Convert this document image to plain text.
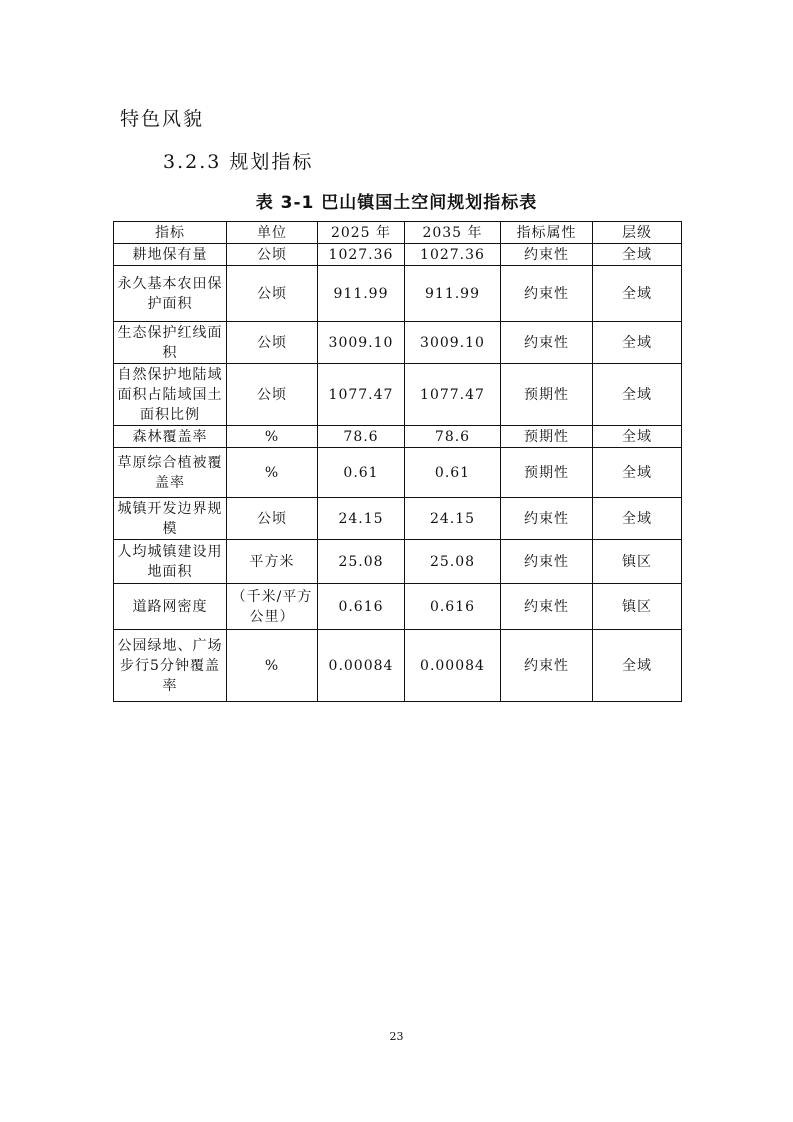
特色风貌
3.2.3 规划指标
表 3-1 巴山镇国土空间规划指标表
指标	单位	2025 年	2035 年	指标属性	层级
耕地保有量	公顷	1027.36	1027.36	约束性	全域
永久基本农田保护面积	公顷	911.99	911.99	约束性	全域
生态保护红线面积	公顷	3009.10	3009.10	约束性	全域
自然保护地陆域面积占陆域国土面积比例	公顷	1077.47	1077.47	预期性	全域
森林覆盖率	%	78.6	78.6	预期性	全域
草原综合植被覆盖率	%	0.61	0.61	预期性	全域
城镇开发边界规模	公顷	24.15	24.15	约束性	全域
人均城镇建设用地面积	平方米	25.08	25.08	约束性	镇区
道路网密度	（千米/平方公里）	0.616	0.616	约束性	镇区
公园绿地、广场步行5分钟覆盖率	%	0.00084	0.00084	约束性	全域
23
